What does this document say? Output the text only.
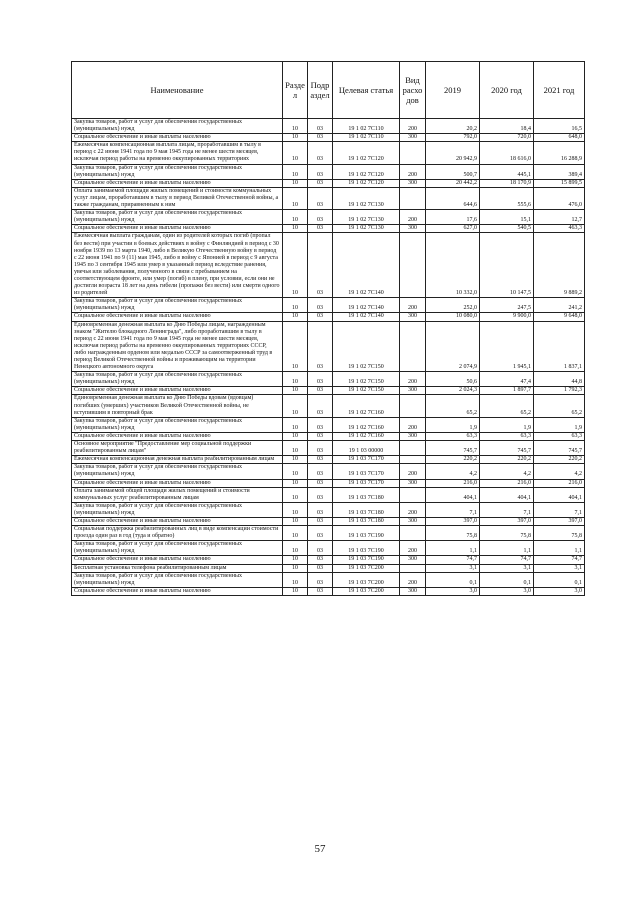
Наименование	Разде л	Подр аздел	Целевая статья	Вид расхо дов	2019	2020 год	2021 год
Закупка товаров, работ и услуг для обеспечения государственных (муниципальных) нужд	10	03	19 1 02 7С110	200	20,2	18,4	16,5
Социальное обеспечение и иные выплаты населению	10	03	19 1 02 7С110	300	792,0	720,0	648,0
Ежемесячная компенсационная выплата лицам, проработавшим в тылу в период с 22 июня 1941 года по 9 мая 1945 года не менее шести месяцев, исключая период работы на временно оккупированных территориях	10	03	19 1 02 7С120		20 942,9	18 616,0	16 288,9
Закупка товаров, работ и услуг для обеспечения государственных (муниципальных) нужд	10	03	19 1 02 7С120	200	500,7	445,1	389,4
Социальное обеспечение и иные выплаты населению	10	03	19 1 02 7С120	300	20 442,2	18 170,9	15 899,5
Оплата занимаемой площади жилых помещений и стоимости коммунальных услуг лицам, проработавшим в тылу в период Великой Отечественной войны, а также гражданам, приравненным к ним	10	03	19 1 02 7С130		644,6	555,6	476,0
Закупка товаров, работ и услуг для обеспечения государственных (муниципальных) нужд	10	03	19 1 02 7С130	200	17,6	15,1	12,7
Социальное обеспечение и иные выплаты населению	10	03	19 1 02 7С130	300	627,0	540,5	463,3
Ежемесячная выплата гражданам, один из родителей которых погиб (пропал без вести) при участии в боевых действиях в войну с Финляндией в период с 30 ноября 1939 по 13 марта 1940, либо в Великую Отечественную войну в период с 22 июня 1941 по 9 (11) мая 1945, либо в войну с Японией в период с 9 августа 1945 по 3 сентября 1945 или умер в указанный период вследствие ранения, увечья или заболевания, полученного в связи с пребыванием на соответствующем фронте, или умер (погиб) в плену, при условии, если они не достигли возраста 18 лет на день гибели (пропажи без вести) или смерти одного из родителей	10	03	19 1 02 7С140		10 332,0	10 147,5	9 889,2
Закупка товаров, работ и услуг для обеспечения государственных (муниципальных) нужд	10	03	19 1 02 7С140	200	252,0	247,5	241,2
Социальное обеспечение и иные выплаты населению	10	03	19 1 02 7С140	300	10 080,0	9 900,0	9 648,0
Единовременная денежная выплата ко Дню Победы лицам, награжденным знаком "Жителю блокадного Ленинграда", либо проработавшим в тылу в период с 22 июня 1941 года по 9 мая 1945 года не менее шести месяцев, исключая период работы на временно оккупированных территориях СССР, либо награжденным орденом или медалью СССР за самоотверженный труд в период Великой Отечественной войны и проживающим на территории Ненецкого автономного округа	10	03	19 1 02 7С150		2 074,9	1 945,1	1 837,1
Закупка товаров, работ и услуг для обеспечения государственных (муниципальных) нужд	10	03	19 1 02 7С150	200	50,6	47,4	44,8
Социальное обеспечение и иные выплаты населению	10	03	19 1 02 7С150	300	2 024,3	1 897,7	1 792,3
Единовременная денежная выплата ко Дню Победы вдовам (вдовцам) погибших (умерших) участников Великой Отечественной войны, не вступившим в повторный брак	10	03	19 1 02 7С160		65,2	65,2	65,2
Закупка товаров, работ и услуг для обеспечения государственных (муниципальных) нужд	10	03	19 1 02 7С160	200	1,9	1,9	1,9
Социальное обеспечение и иные выплаты населению	10	03	19 1 02 7С160	300	63,3	63,3	63,3
Основное мероприятие "Предоставление мер социальной поддержки реабилитированным лицам"	10	03	19 1 03 00000		745,7	745,7	745,7
Ежемесячная компенсационная денежная выплата реабилитированным лицам	10	03	19 1 03 7С170		220,2	220,2	220,2
Закупка товаров, работ и услуг для обеспечения государственных (муниципальных) нужд	10	03	19 1 03 7С170	200	4,2	4,2	4,2
Социальное обеспечение и иные выплаты населению	10	03	19 1 03 7С170	300	216,0	216,0	216,0
Оплата занимаемой общей площади жилых помещений и стоимости коммунальных услуг реабилитированным лицам	10	03	19 1 03 7С180		404,1	404,1	404,1
Закупка товаров, работ и услуг для обеспечения государственных (муниципальных) нужд	10	03	19 1 03 7С180	200	7,1	7,1	7,1
Социальное обеспечение и иные выплаты населению	10	03	19 1 03 7С180	300	397,0	397,0	397,0
Социальная поддержка реабилитированных лиц в виде компенсации стоимости проезда один раз в год (туда и обратно)	10	03	19 1 03 7С190		75,8	75,8	75,8
Закупка товаров, работ и услуг для обеспечения государственных (муниципальных) нужд	10	03	19 1 03 7С190	200	1,1	1,1	1,1
Социальное обеспечение и иные выплаты населению	10	03	19 1 03 7С190	300	74,7	74,7	74,7
Бесплатная установка телефона реабилитированным лицам	10	03	19 1 03 7С200		3,1	3,1	3,1
Закупка товаров, работ и услуг для обеспечения государственных (муниципальных) нужд	10	03	19 1 03 7С200	200	0,1	0,1	0,1
Социальное обеспечение и иные выплаты населению	10	03	19 1 03 7С200	300	3,0	3,0	3,0
57
